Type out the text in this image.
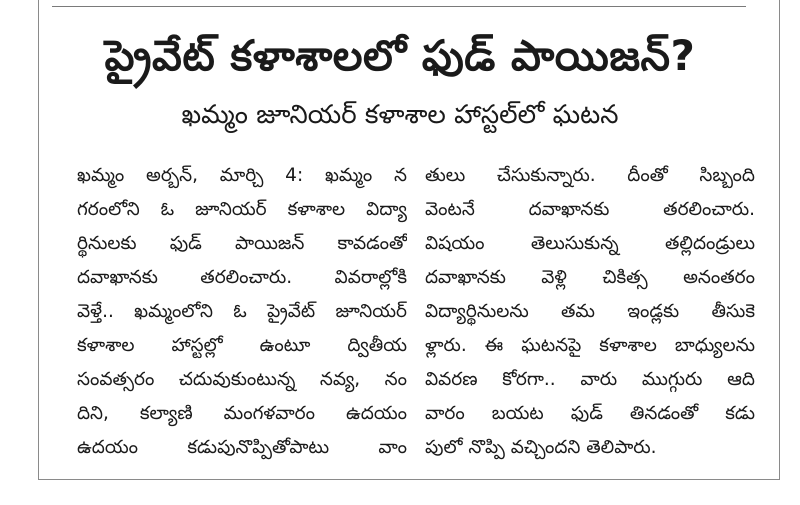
ప్రైవేట్ కళాశాలలో ఫుడ్ పాయిజన్?
ఖమ్మం జూనియర్ కళాశాల హాస్టల్‌లో ఘటన
ఖమ్మం అర్బన్, మార్చి 4: ఖమ్మం న
గరంలోని ఓ జూనియర్ కళాశాల విద్యా
ర్థినులకు ఫుడ్ పాయిజన్ కావడంతో
దవాఖానకు తరలించారు. వివరాల్లోకి
వెళ్తే.. ఖమ్మంలోని ఓ ప్రైవేట్ జూనియర్
కళాశాల హాస్టల్లో ఉంటూ ద్వితీయ
సంవత్సరం చదువుకుంటున్న నవ్య, నం
దిని, కల్యాణి మంగళవారం ఉదయం
ఉదయం కడుపునొప్పితోపాటు వాం
తులు చేసుకున్నారు. దీంతో సిబ్బంది
వెంటనే దవాఖానకు తరలించారు.
విషయం తెలుసుకున్న తల్లిదండ్రులు
దవాఖానకు వెళ్లి చికిత్స అనంతరం
విద్యార్థినులను తమ ఇండ్లకు తీసుకె
ళ్లారు. ఈ ఘటనపై కళాశాల బాధ్యులను
వివరణ కోరగా.. వారు ముగ్గురు ఆది
వారం బయట ఫుడ్ తినడంతో కడు
పులో నొప్పి వచ్చిందని తెలిపారు.
